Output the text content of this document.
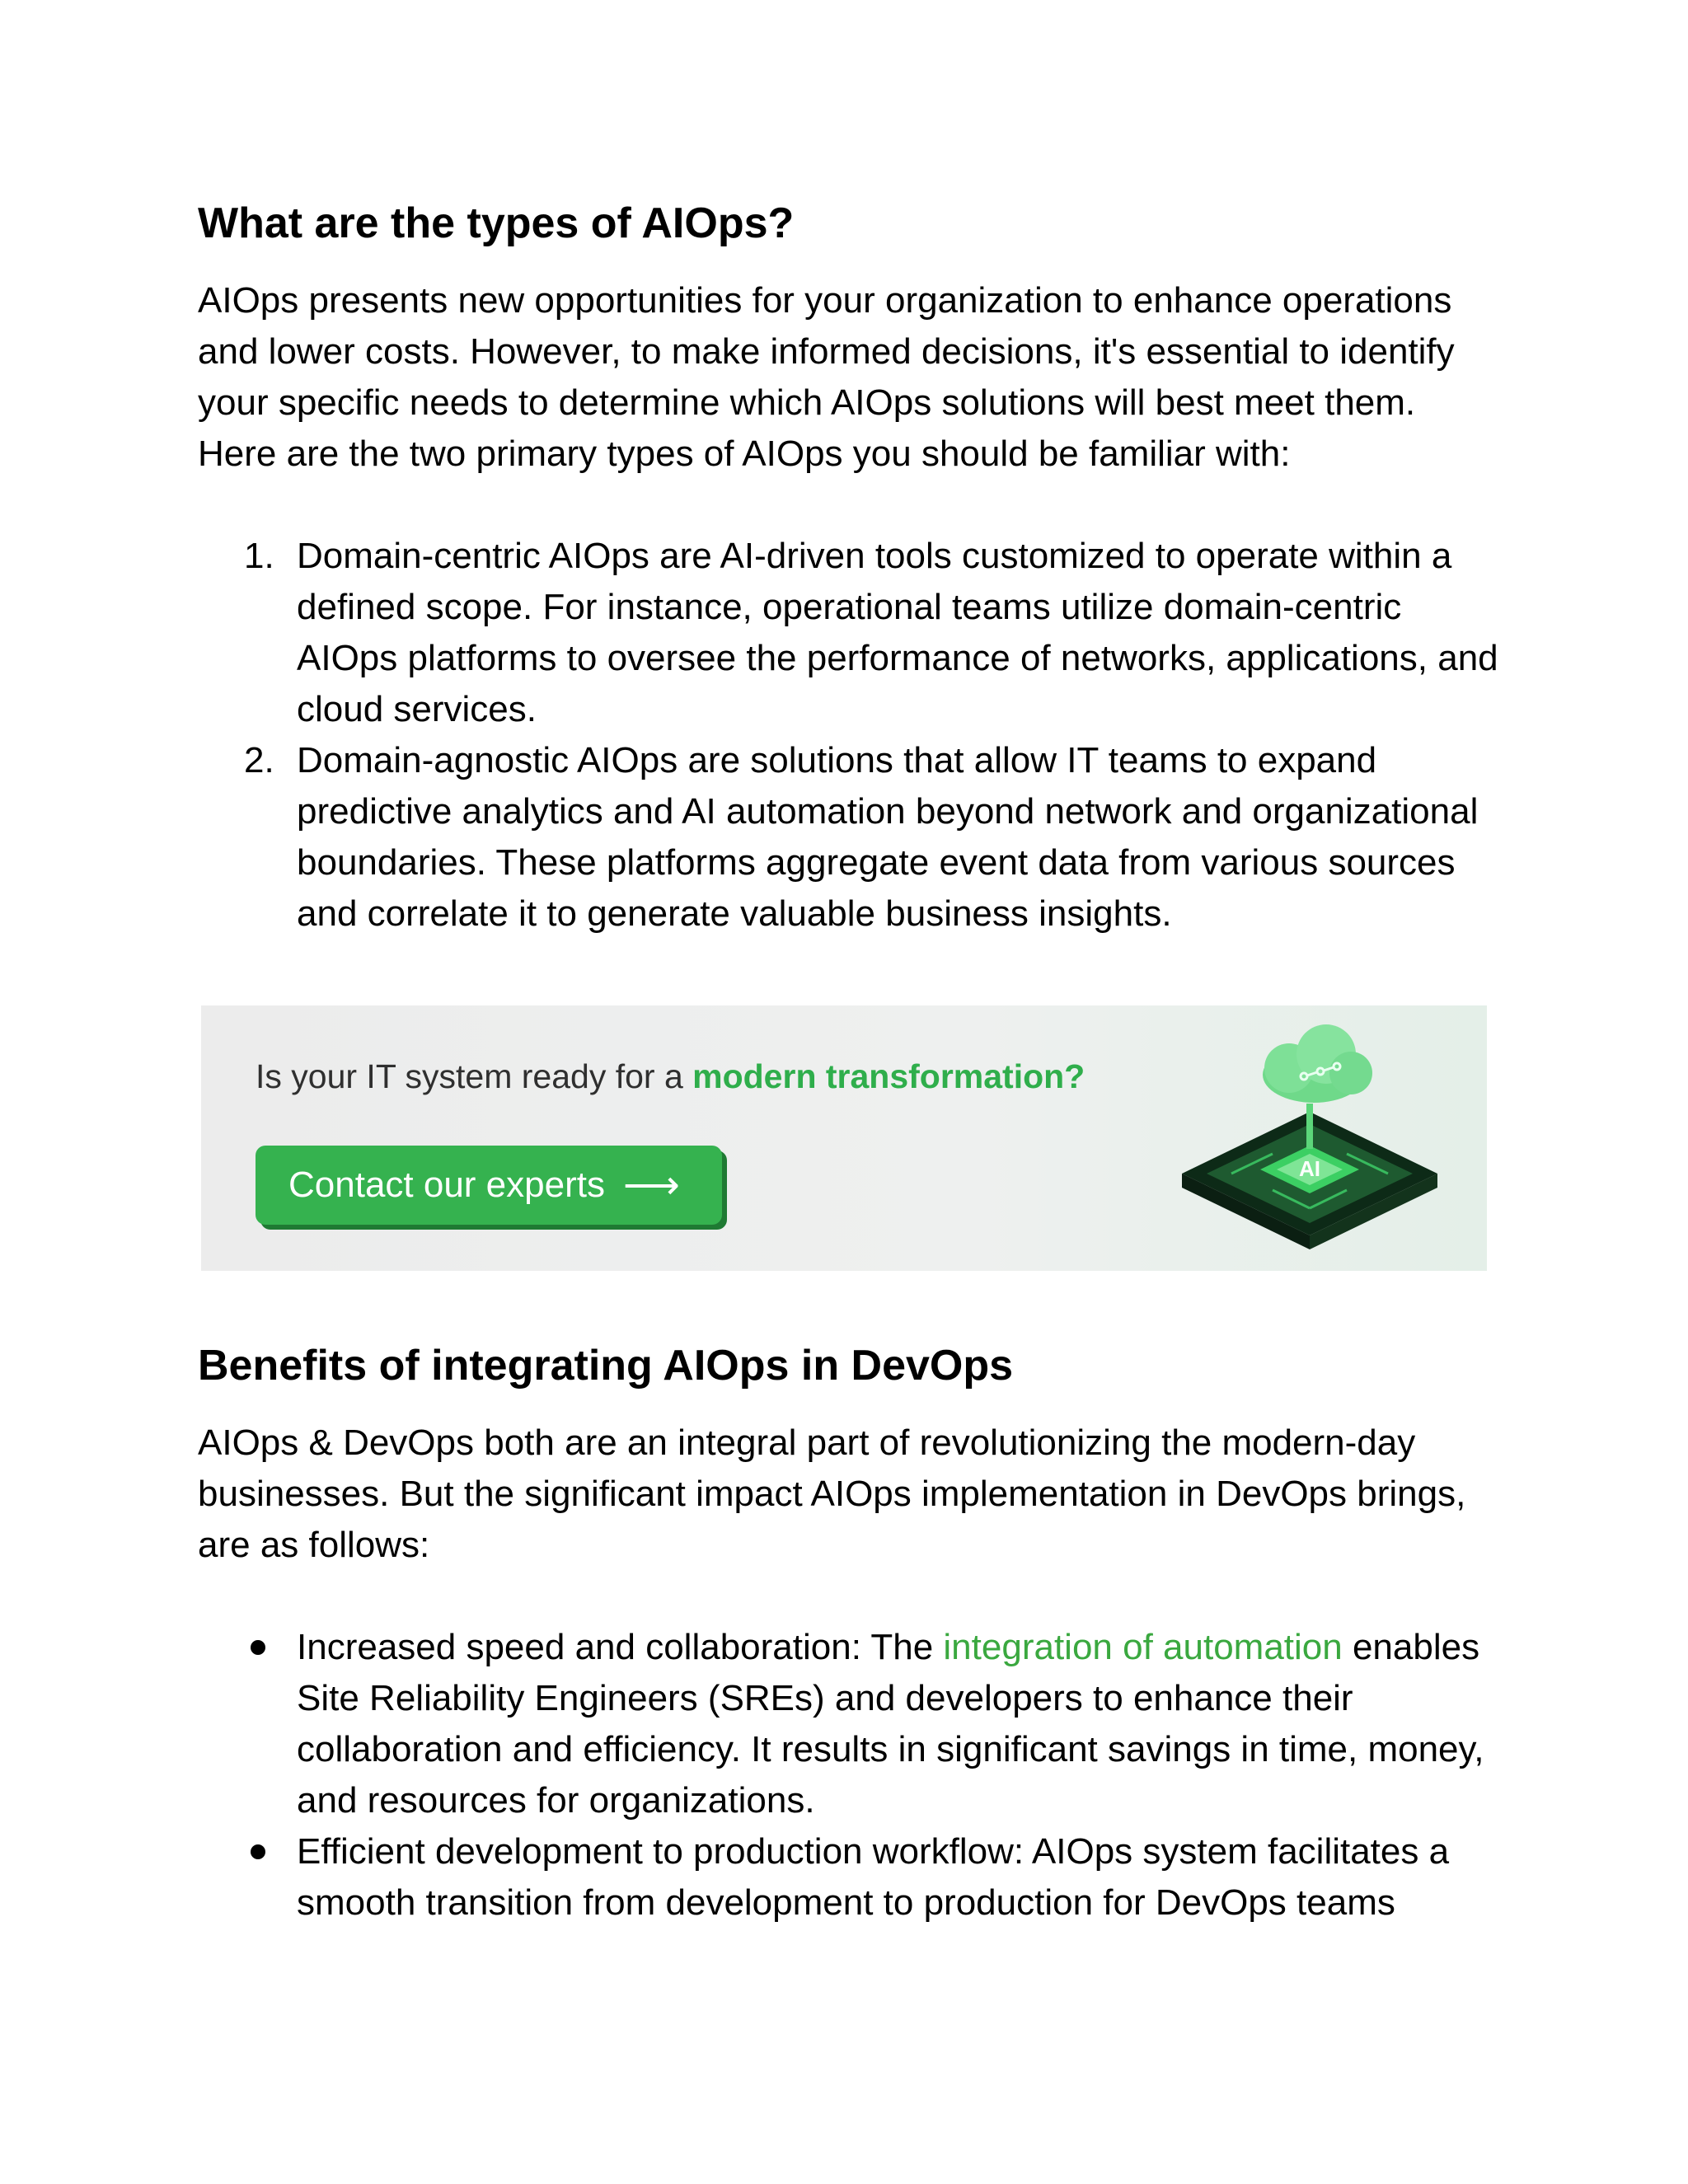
What are the types of AIOps?

AIOps presents new opportunities for your organization to enhance operations and lower costs. However, to make informed decisions, it's essential to identify your specific needs to determine which AIOps solutions will best meet them. Here are the two primary types of AIOps you should be familiar with:

1. Domain-centric AIOps are AI-driven tools customized to operate within a defined scope. For instance, operational teams utilize domain-centric AIOps platforms to oversee the performance of networks, applications, and cloud services.
2. Domain-agnostic AIOps are solutions that allow IT teams to expand predictive analytics and AI automation beyond network and organizational boundaries. These platforms aggregate event data from various sources and correlate it to generate valuable business insights.
Is your IT system ready for a modern transformation?
Contact our experts ⟶	AI
Benefits of integrating AIOps in DevOps

AIOps & DevOps both are an integral part of revolutionizing the modern-day businesses. But the significant impact AIOps implementation in DevOps brings, are as follows:

Increased speed and collaboration: The integration of automation enables Site Reliability Engineers (SREs) and developers to enhance their collaboration and efficiency. It results in significant savings in time, money, and resources for organizations.
Efficient development to production workflow: AIOps system facilitates a smooth transition from development to production for DevOps teams
